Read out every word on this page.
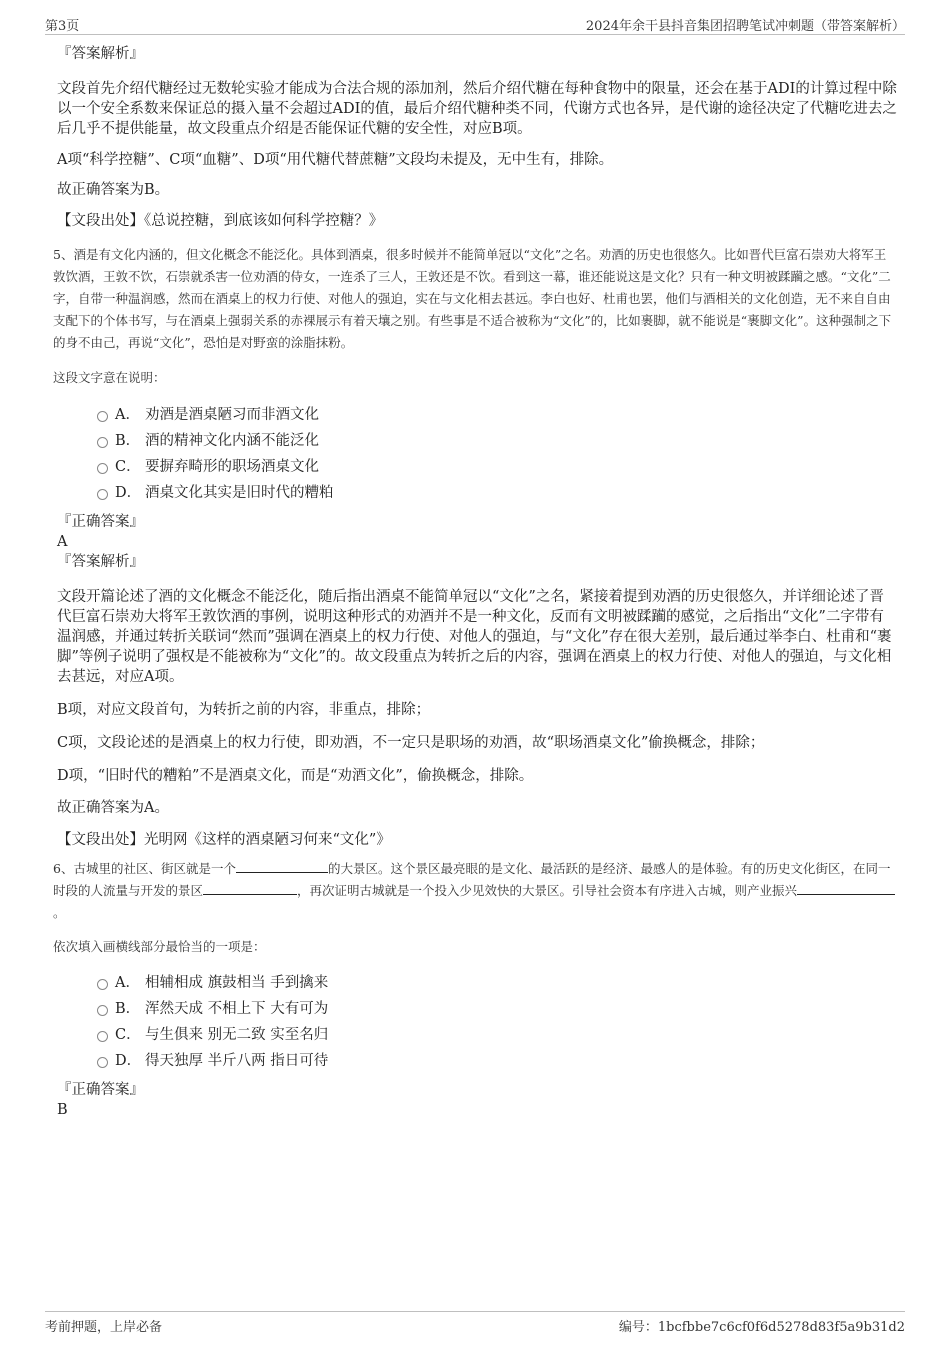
第3页	2024年余干县抖音集团招聘笔试冲刺题（带答案解析）

『答案解析』

文段首先介绍代糖经过无数轮实验才能成为合法合规的添加剂，然后介绍代糖在每种食物中的限量，还会在基于ADI的计算过程中除以一个安全系数来保证总的摄入量不会超过ADI的值，最后介绍代糖种类不同，代谢方式也各异，是代谢的途径决定了代糖吃进去之后几乎不提供能量，故文段重点介绍是否能保证代糖的安全性，对应B项。

A项“科学控糖”、C项“血糖”、D项“用代糖代替蔗糖”文段均未提及，无中生有，排除。

故正确答案为B。

【文段出处】《总说控糖，到底该如何科学控糖？》

5、酒是有文化内涵的，但文化概念不能泛化。具体到酒桌，很多时候并不能简单冠以“文化”之名。劝酒的历史也很悠久。比如晋代巨富石崇劝大将军王敦饮酒，王敦不饮，石崇就杀害一位劝酒的侍女，一连杀了三人，王敦还是不饮。看到这一幕，谁还能说这是文化？只有一种文明被蹂躏之感。“文化”二字，自带一种温润感，然而在酒桌上的权力行使、对他人的强迫，实在与文化相去甚远。李白也好、杜甫也罢，他们与酒相关的文化创造，无不来自自由支配下的个体书写，与在酒桌上强弱关系的赤裸展示有着天壤之别。有些事是不适合被称为“文化”的，比如裹脚，就不能说是“裹脚文化”。这种强制之下的身不由己，再说“文化”，恐怕是对野蛮的涂脂抹粉。

这段文字意在说明：

A． 劝酒是酒桌陋习而非酒文化
B． 酒的精神文化内涵不能泛化
C． 要摒弃畸形的职场酒桌文化
D． 酒桌文化其实是旧时代的糟粕

『正确答案』

A

『答案解析』

文段开篇论述了酒的文化概念不能泛化，随后指出酒桌不能简单冠以“文化”之名，紧接着提到劝酒的历史很悠久，并详细论述了晋代巨富石崇劝大将军王敦饮酒的事例，说明这种形式的劝酒并不是一种文化，反而有文明被蹂躏的感觉，之后指出“文化”二字带有温润感，并通过转折关联词“然而”强调在酒桌上的权力行使、对他人的强迫，与“文化”存在很大差别，最后通过举李白、杜甫和“裹脚”等例子说明了强权是不能被称为“文化”的。故文段重点为转折之后的内容，强调在酒桌上的权力行使、对他人的强迫，与文化相去甚远，对应A项。

B项，对应文段首句，为转折之前的内容，非重点，排除；

C项，文段论述的是酒桌上的权力行使，即劝酒，不一定只是职场的劝酒，故“职场酒桌文化”偷换概念，排除；

D项，“旧时代的糟粕”不是酒桌文化，而是“劝酒文化”，偷换概念，排除。

故正确答案为A。

【文段出处】光明网《这样的酒桌陋习何来“文化”》

6、古城里的社区、街区就是一个	的大景区。这个景区最亮眼的是文化、最活跃的是经济、最感人的是体验。有的历史文化街区，在同一时段的人流量与开发的景区	，再次证明古城就是一个投入少见效快的大景区。引导社会资本有序进入古城，则产业振兴。

依次填入画横线部分最恰当的一项是：

A． 相辅相成 旗鼓相当 手到擒来
B． 浑然天成 不相上下 大有可为
C． 与生俱来 别无二致 实至名归
D． 得天独厚 半斤八两 指日可待

『正确答案』

B

考前押题，上岸必备	编号：1bcfbbe7c6cf0f6d5278d83f5a9b31d2
